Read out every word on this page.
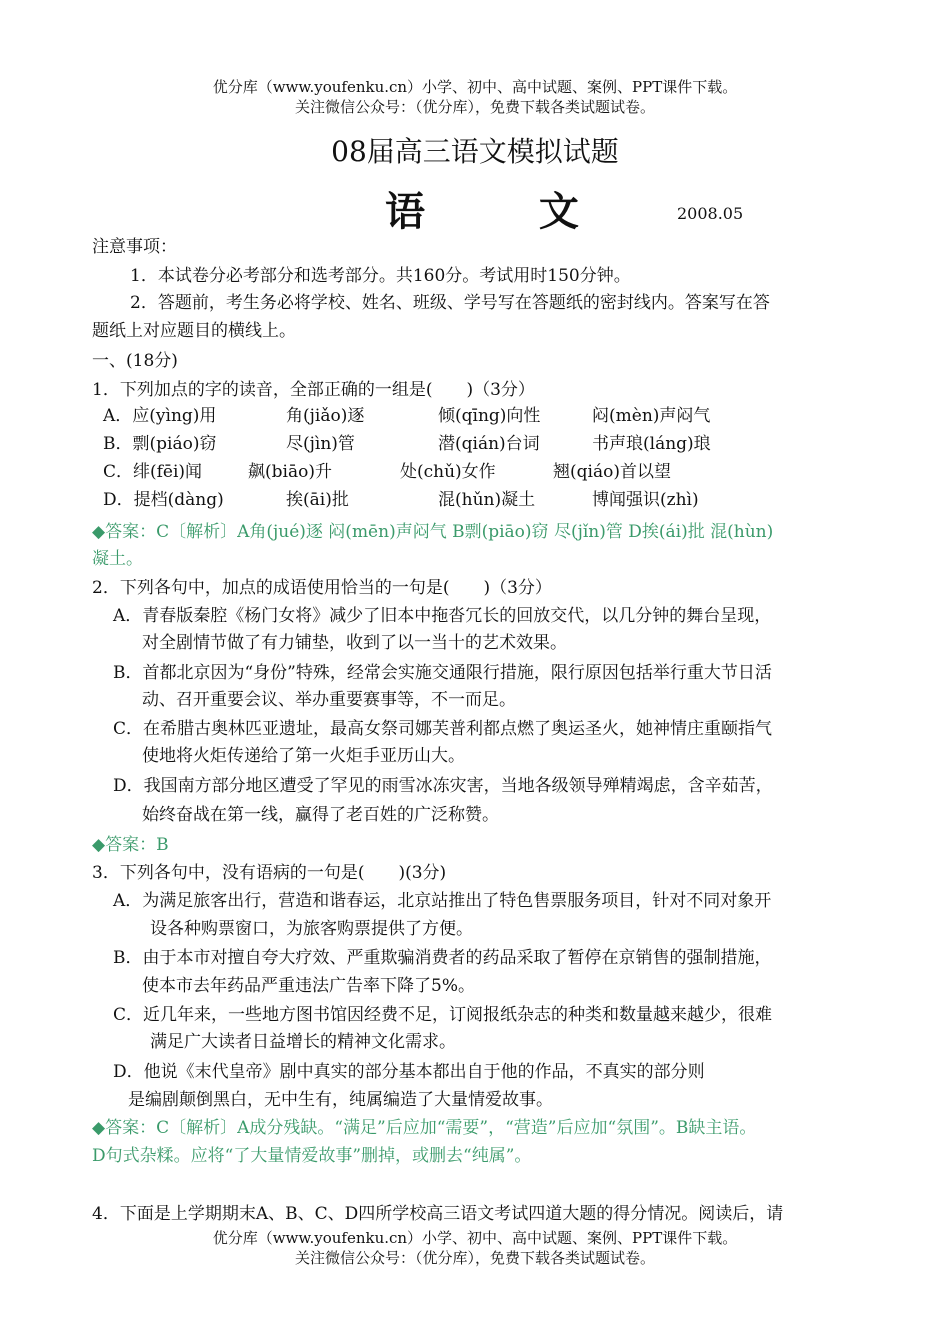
优分库（www.youfenku.cn）小学、初中、高中试题、案例、PPT课件下载。
关注微信公众号：（优分库），免费下载各类试题试卷。
08届高三语文模拟试题
语 文	2008.05
注意事项：
1．本试卷分必考部分和选考部分。共160分。考试用时150分钟。
2．答题前，考生务必将学校、姓名、班级、学号写在答题纸的密封线内。答案写在答
题纸上对应题目的横线上。
一、(18分)
1．下列加点的字的读音，全部正确的一组是(　　)（3分）
A．应(yìng)用	角(jiǎo)逐	倾(qīng)向性	闷(mèn)声闷气
B．剽(piáo)窃	尽(jìn)管	潜(qián)台词	书声琅(láng)琅
C．绯(fēi)闻	飙(biāo)升	处(chǔ)女作	翘(qiáo)首以望
D．提档(dàng)	挨(āi)批	混(hǔn)凝土	博闻强识(zhì)
◆答案：C〔解析〕A角(jué)逐 闷(mēn)声闷气 B剽(piāo)窃 尽(jǐn)管 D挨(ái)批 混(hùn)
凝土。
2．下列各句中，加点的成语使用恰当的一句是(　　)（3分）
A．青春版秦腔《杨门女将》减少了旧本中拖沓冗长的回放交代，以几分钟的舞台呈现，
对全剧情节做了有力铺垫，收到了以一当十的艺术效果。
B．首都北京因为“身份”特殊，经常会实施交通限行措施，限行原因包括举行重大节日活
动、召开重要会议、举办重要赛事等，不一而足。
C．在希腊古奥林匹亚遗址，最高女祭司娜芙普利都点燃了奥运圣火，她神情庄重颐指气
使地将火炬传递给了第一火炬手亚历山大。
D．我国南方部分地区遭受了罕见的雨雪冰冻灾害，当地各级领导殚精竭虑，含辛茹苦，
始终奋战在第一线，赢得了老百姓的广泛称赞。
◆答案：B
3．下列各句中，没有语病的一句是(　　)(3分)
A．为满足旅客出行，营造和谐春运，北京站推出了特色售票服务项目，针对不同对象开
设各种购票窗口，为旅客购票提供了方便。
B．由于本市对擅自夸大疗效、严重欺骗消费者的药品采取了暂停在京销售的强制措施，
使本市去年药品严重违法广告率下降了5%。
C．近几年来，一些地方图书馆因经费不足，订阅报纸杂志的种类和数量越来越少，很难
满足广大读者日益增长的精神文化需求。
D．他说《末代皇帝》剧中真实的部分基本都出自于他的作品，不真实的部分则
是编剧颠倒黑白，无中生有，纯属编造了大量情爱故事。
◆答案：C〔解析〕A成分残缺。“满足”后应加“需要”，“营造”后应加“氛围”。B缺主语。
D句式杂糅。应将“了大量情爱故事”删掉，或删去“纯属”。
4．下面是上学期期末A、B、C、D四所学校高三语文考试四道大题的得分情况。阅读后，请
优分库（www.youfenku.cn）小学、初中、高中试题、案例、PPT课件下载。
关注微信公众号：（优分库），免费下载各类试题试卷。
